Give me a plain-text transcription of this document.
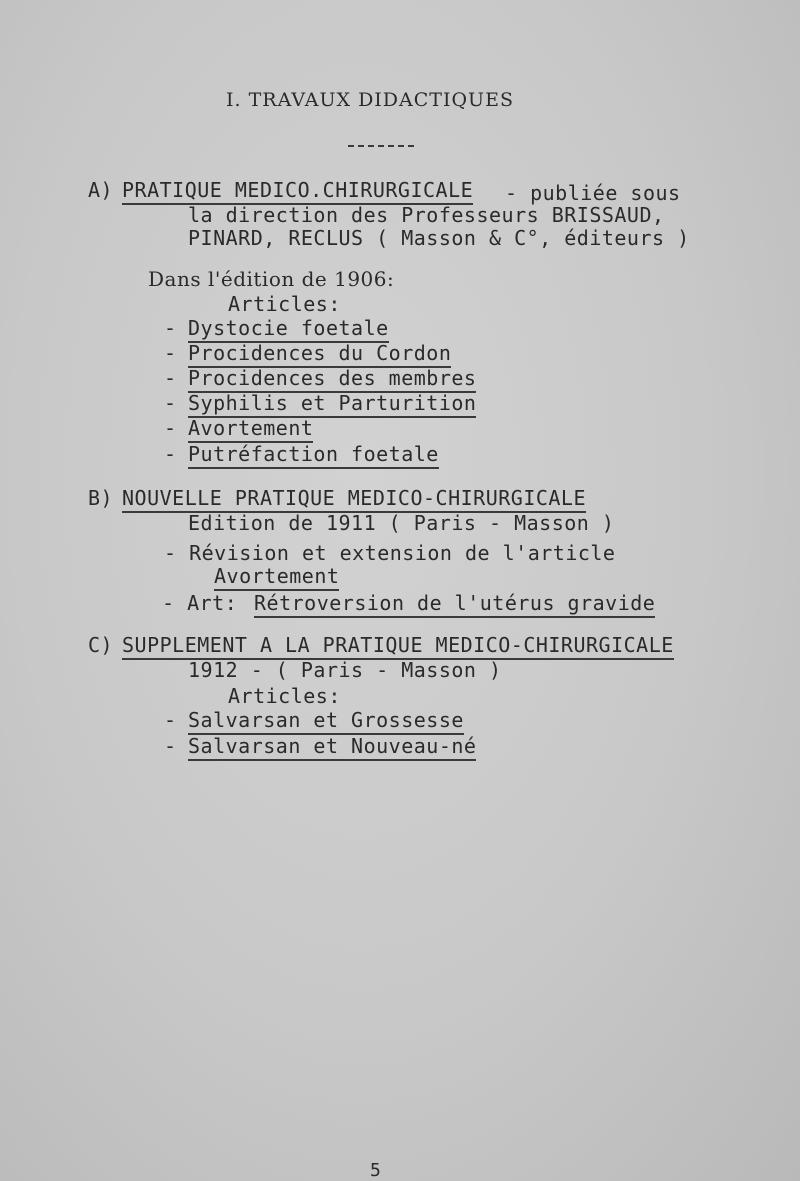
I. TRAVAUX DIDACTIQUES
A) PRATIQUE MEDICO.CHIRURGICALE - publiée sous
la direction des Professeurs BRISSAUD,
PINARD, RECLUS ( Masson & C°, éditeurs )
Dans l'édition de 1906:
Articles:
- Dystocie foetale
- Procidences du Cordon
- Procidences des membres
- Syphilis et Parturition
- Avortement
- Putréfaction foetale
B) NOUVELLE PRATIQUE MEDICO-CHIRURGICALE
Edition de 1911 ( Paris - Masson )
- Révision et extension de l'article
Avortement
- Art: Rétroversion de l'utérus gravide
C) SUPPLEMENT A LA PRATIQUE MEDICO-CHIRURGICALE
1912 - ( Paris - Masson )
Articles:
- Salvarsan et Grossesse
- Salvarsan et Nouveau-né
5
